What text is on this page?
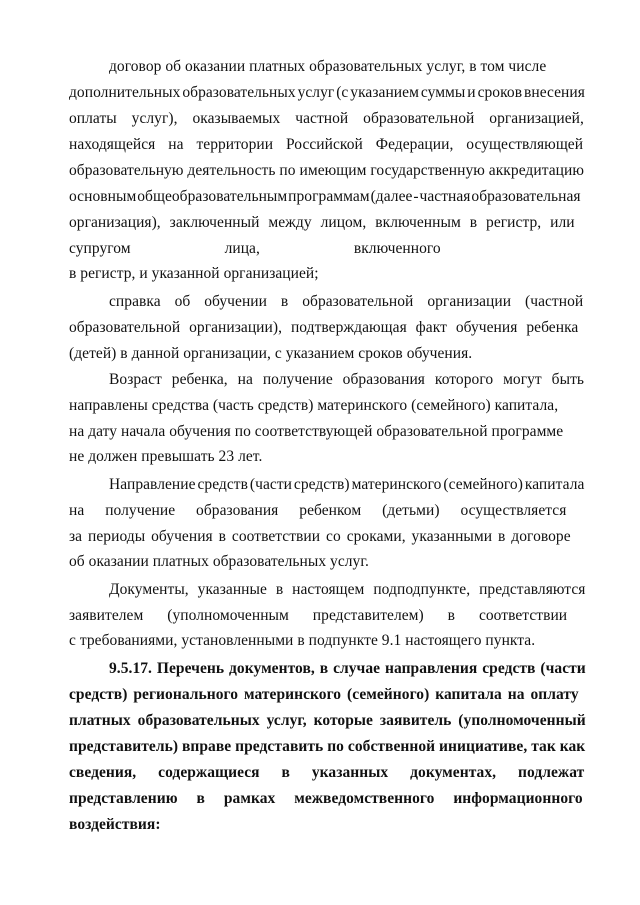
договор об оказании платных образовательных услуг, в том числе
дополнительных образовательных услуг (с указанием суммы и сроков внесения
оплаты услуг), оказываемых частной образовательной организацией,
находящейся на территории Российской Федерации, осуществляющей
образовательную деятельность по имеющим государственную аккредитацию
основным общеобразовательным программам (далее - частная образовательная
организация), заключенный между лицом, включенным в регистр, или
супругом лица, включенного
в регистр, и указанной организацией;
справка об обучении в образовательной организации (частной
образовательной организации), подтверждающая факт обучения ребенка
(детей) в данной организации, с указанием сроков обучения.
Возраст ребенка, на получение образования которого могут быть
направлены средства (часть средств) материнского (семейного) капитала,
на дату начала обучения по соответствующей образовательной программе
не должен превышать 23 лет.
Направление средств (части средств) материнского (семейного) капитала
на получение образования ребенком (детьми) осуществляется
за периоды обучения в соответствии со сроками, указанными в договоре
об оказании платных образовательных услуг.
Документы, указанные в настоящем подподпункте, представляются
заявителем (уполномоченным представителем) в соответствии
с требованиями, установленными в подпункте 9.1 настоящего пункта.
9.5.17. Перечень документов, в случае направления средств (части
средств) регионального материнского (семейного) капитала на оплату
платных образовательных услуг, которые заявитель (уполномоченный
представитель) вправе представить по собственной инициативе, так как
сведения, содержащиеся в указанных документах, подлежат
представлению в рамках межведомственного информационного
воздействия:
